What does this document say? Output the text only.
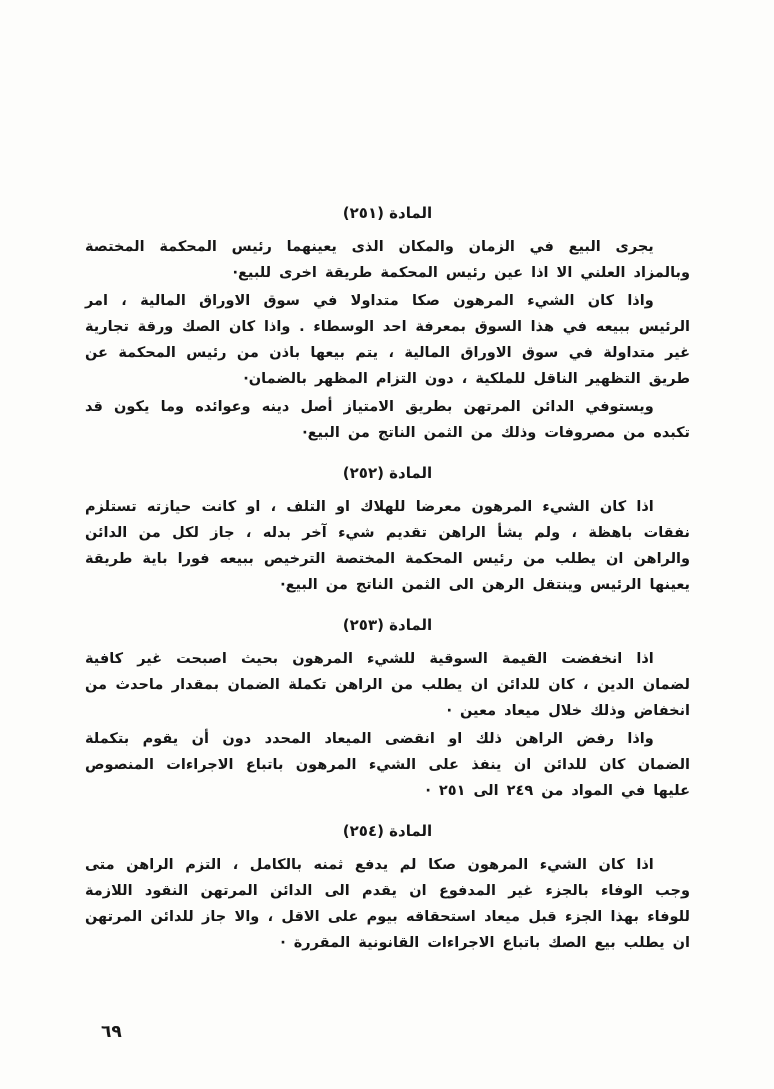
المادة (٢٥١)

يجرى البيع في الزمان والمكان الذى يعينهما رئيس المحكمة المختصة وبالمزاد العلني الا اذا عين رئيس المحكمة طريقة اخرى للبيع·

واذا كان الشيء المرهون صكا متداولا في سوق الاوراق المالية ، امر الرئيس ببيعه في هذا السوق بمعرفة احد الوسطاء . واذا كان الصك ورقة تجارية غير متداولة في سوق الاوراق المالية ، يتم بيعها باذن من رئيس المحكمة عن طريق التظهير الناقل للملكية ، دون التزام المظهر بالضمان·

ويستوفي الدائن المرتهن بطريق الامتياز أصل دينه وعوائده وما يكون قد تكبده من مصروفات وذلك من الثمن الناتج من البيع·

المادة (٢٥٢)

اذا كان الشيء المرهون معرضا للهلاك او التلف ، او كانت حيازته تستلزم نفقات باهظة ، ولم يشأ الراهن تقديم شيء آخر بدله ، جاز لكل من الدائن والراهن ان يطلب من رئيس المحكمة المختصة الترخيص ببيعه فورا باية طريقة يعينها الرئيس وينتقل الرهن الى الثمن الناتج من البيع·

المادة (٢٥٣)

اذا انخفضت القيمة السوقية للشيء المرهون بحيث اصبحت غير كافية لضمان الدين ، كان للدائن ان يطلب من الراهن تكملة الضمان بمقدار ماحدث من انخفاض وذلك خلال ميعاد معين ·

واذا رفض الراهن ذلك او انقضى الميعاد المحدد دون أن يقوم بتكملة الضمان كان للدائن ان ينفذ على الشيء المرهون باتباع الاجراءات المنصوص عليها في المواد من ٢٤٩ الى ٢٥١ ·

المادة (٢٥٤)

اذا كان الشيء المرهون صكا لم يدفع ثمنه بالكامل ، التزم الراهن متى وجب الوفاء بالجزء غير المدفوع ان يقدم الى الدائن المرتهن النقود اللازمة للوفاء بهذا الجزء قبل ميعاد استحقاقه بيوم على الاقل ، والا جاز للدائن المرتهن ان يطلب بيع الصك باتباع الاجراءات القانونية المقررة ·

٦٩
